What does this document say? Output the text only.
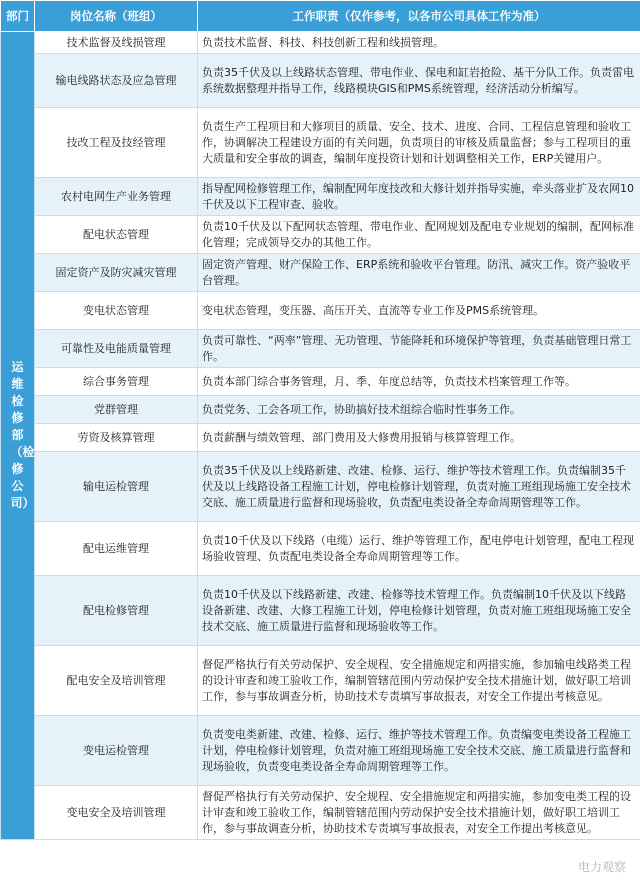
部门	岗位名称（班组）	工作职责（仅作参考，以各市公司具体工作为准）

运维检修部（检修公司）	技术监督及线损管理	负责技术监督、科技、科技创新工程和线损管理。
	输电线路状态及应急管理	负责35千伏及以上线路状态管理、带电作业、保电和缸岩抢险、基干分队工作。负责雷电系统数据整理并指导工作，线路模块GIS和PMS系统管理，经济活动分析编写。
	技改工程及技经管理	负责生产工程项目和大修项目的质量、安全、技术、进度、合同、工程信息管理和验收工作，协调解决工程建设方面的有关问题，负责项目的审核及质量监督；参与工程项目的重大质量和安全事故的调查，编制年度投资计划和计划调整相关工作，ERP关键用户。
	农村电网生产业务管理	指导配网检修管理工作，编制配网年度技改和大修计划并指导实施，牵头落业扩及农网10千伏及以下工程审查、验收。
	配电状态管理	负责10千伏及以下配网状态管理、带电作业、配网规划及配电专业规划的编制，配网标准化管理；完成领导交办的其他工作。
	固定资产及防灾减灾管理	固定资产管理、财产保险工作、ERP系统和验收平台管理。防汛、减灾工作。资产验收平台管理。
	变电状态管理	变电状态管理，变压器、高压开关、直流等专业工作及PMS系统管理。
	可靠性及电能质量管理	负责可靠性、“两率”管理、无功管理、节能降耗和环境保护等管理，负责基础管理日常工作。
	综合事务管理	负责本部门综合事务管理，月、季、年度总结等，负责技术档案管理工作等。
	党群管理	负责党务、工会各项工作，协助搞好技术组综合临时性事务工作。
	劳资及核算管理	负责薪酬与绩效管理、部门费用及大修费用报销与核算管理工作。
	输电运检管理	负责35千伏及以上线路新建、改建、检修、运行、维护等技术管理工作。负责编制35千伏及以上线路设备工程施工计划，停电检修计划管理，负责对施工班组现场施工安全技术交底、施工质量进行监督和现场验收，负责配电类设备全寿命周期管理等工作。
	配电运维管理	负责10千伏及以下线路（电缆）运行、维护等管理工作，配电停电计划管理，配电工程现场验收管理、负责配电类设备全寿命周期管理等工作。
	配电检修管理	负责10千伏及以下线路新建、改建、检修等技术管理工作。负责编制10千伏及以下线路设备新建、改建、大修工程施工计划，停电检修计划管理，负责对施工班组现场施工安全技术交底、施工质量进行监督和现场验收等工作。
	配电安全及培训管理	督促严格执行有关劳动保护、安全规程、安全措施规定和两措实施，参加输电线路类工程的设计审查和竣工验收工作，编制管辖范围内劳动保护安全技术措施计划，做好职工培训工作，参与事故调查分析，协助技术专责填写事故报表，对安全工作提出考核意见。
	变电运检管理	负责变电类新建、改建、检修、运行、维护等技术管理工作。负责编变电类设备工程施工计划，停电检修计划管理，负责对施工班组现场施工安全技术交底、施工质量进行监督和现场验收，负责变电类设备全寿命周期管理等工作。
	变电安全及培训管理	督促严格执行有关劳动保护、安全规程、安全措施规定和两措实施，参加变电类工程的设计审查和竣工验收工作，编制管辖范围内劳动保护安全技术措施计划，做好职工培训工作，参与事故调查分析，协助技术专责填写事故报表，对安全工作提出考核意见。
电力观察
